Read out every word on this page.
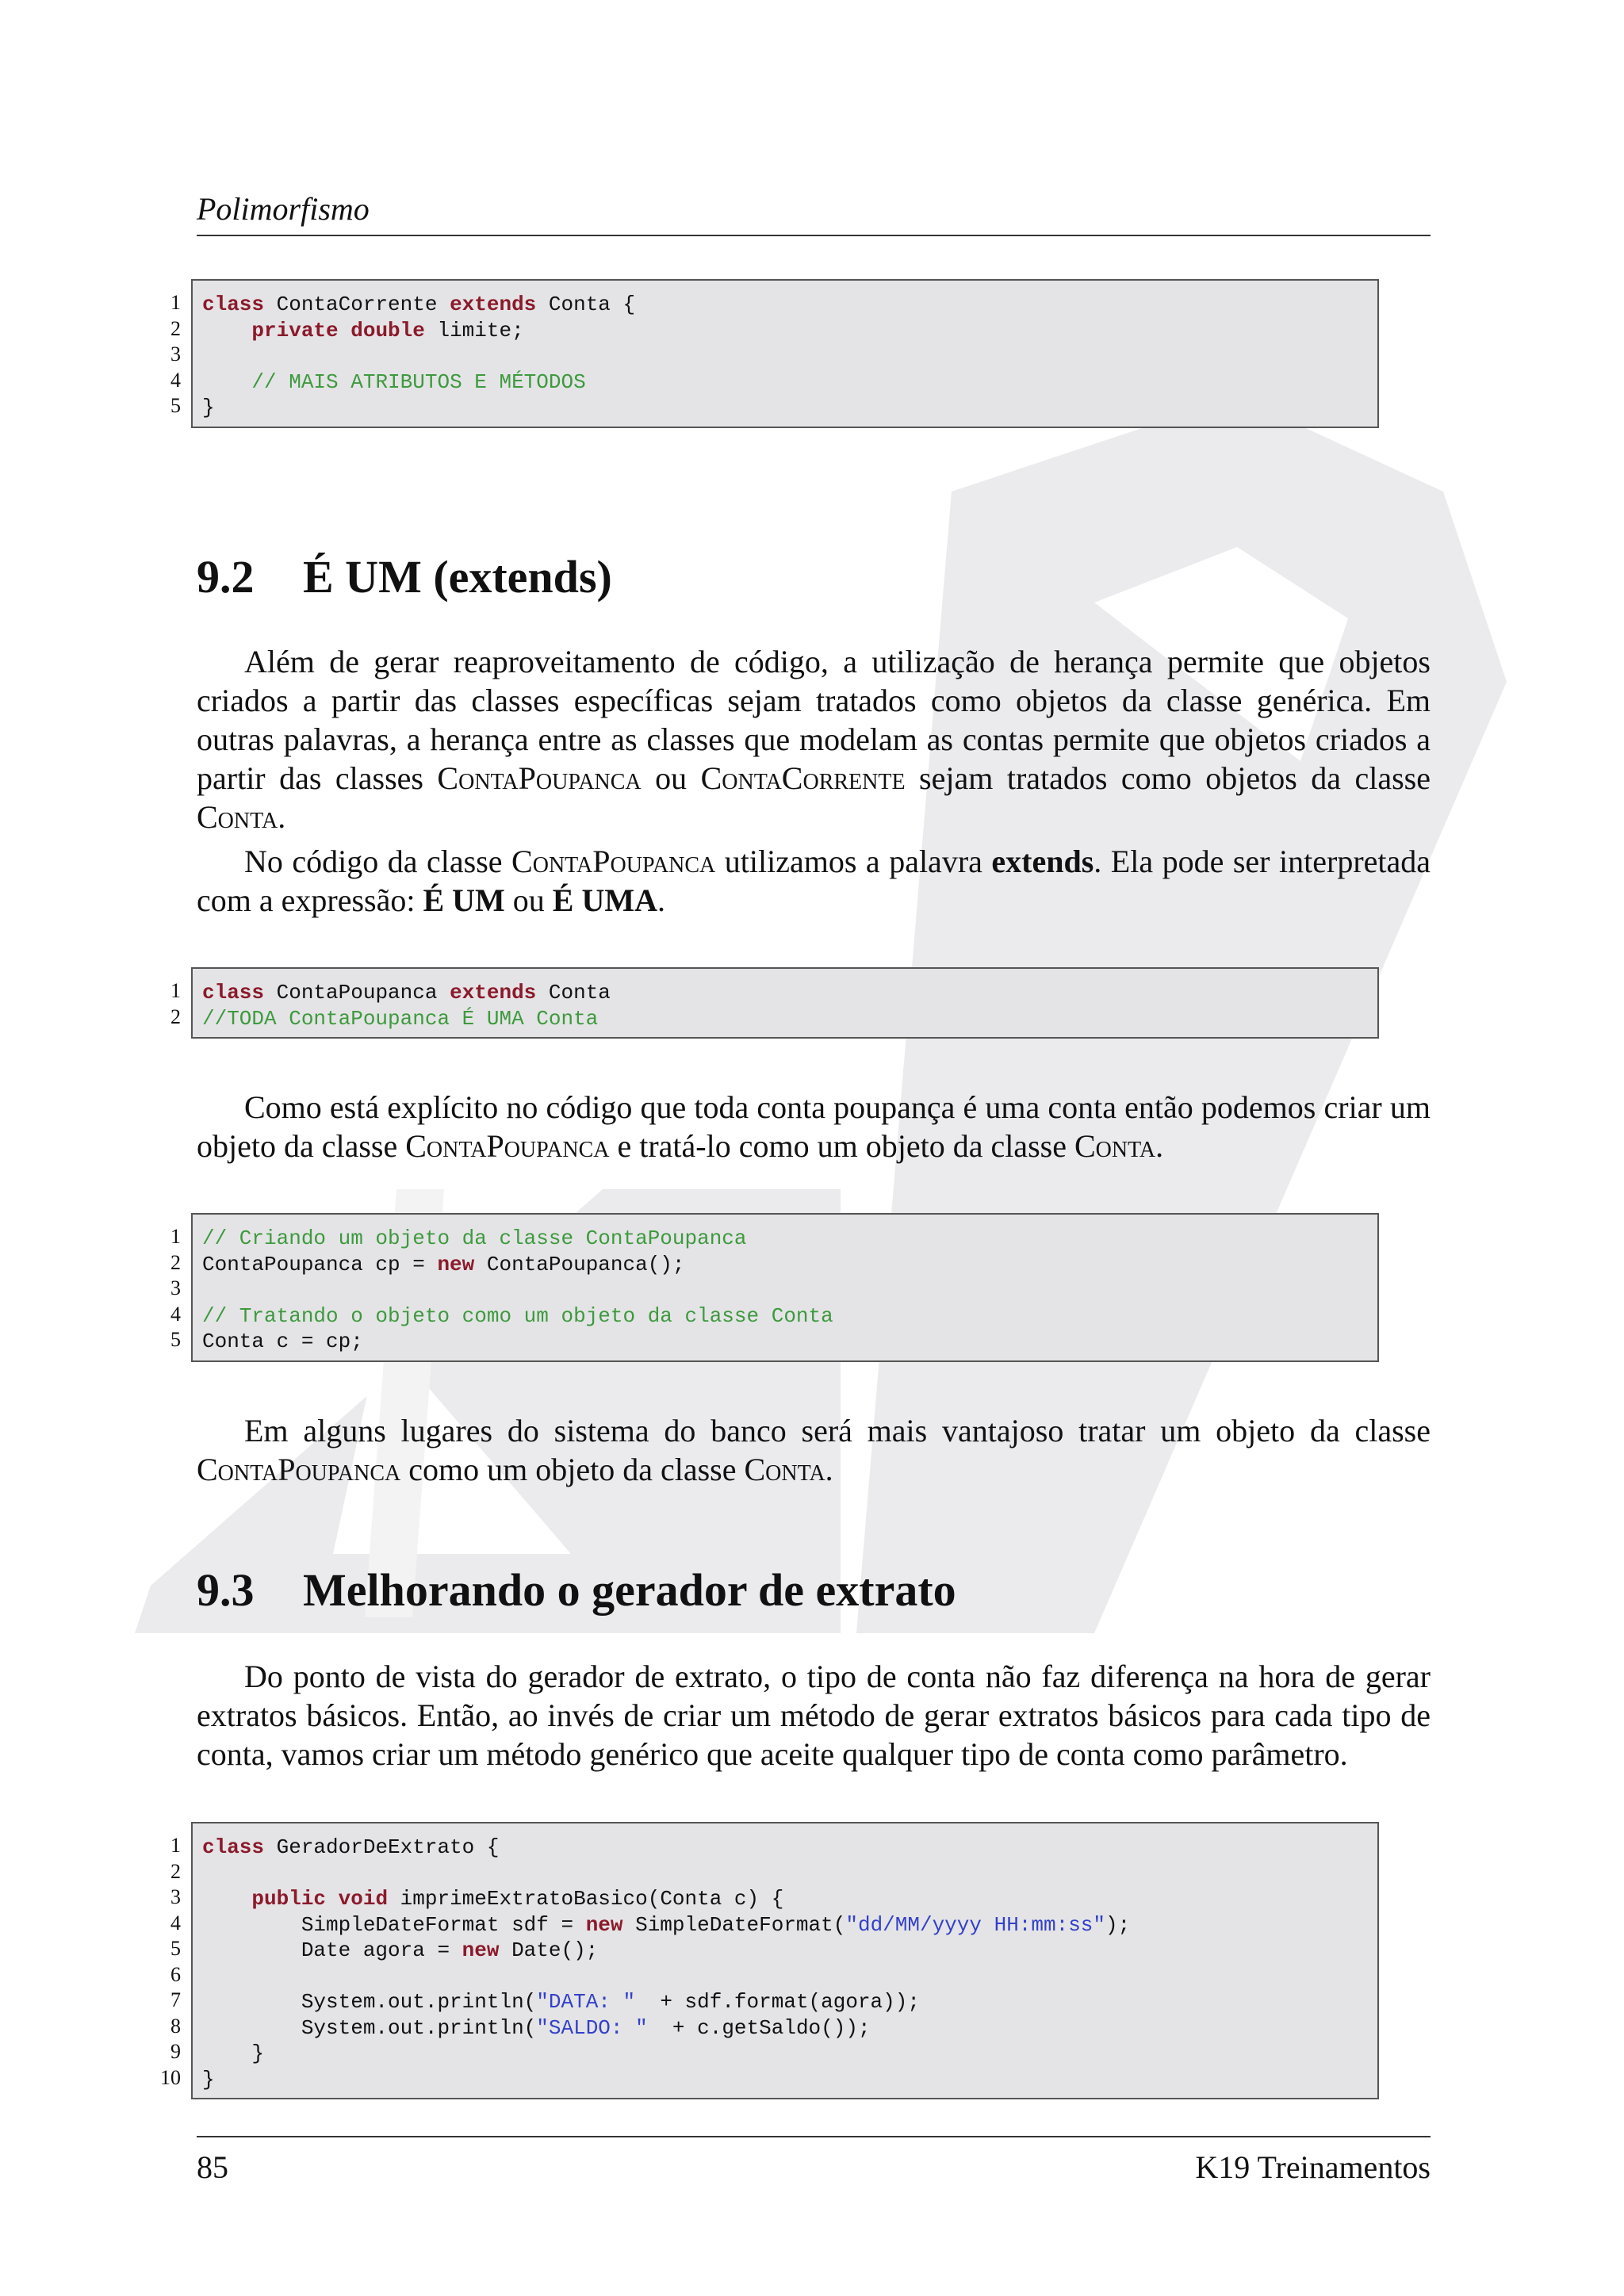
Polimorfismo
1
2
3
4
5
class ContaCorrente extends Conta {
private double limite;

// MAIS ATRIBUTOS E MÉTODOS
}
9.2 É UM (extends)

Além de gerar reaproveitamento de código, a utilização de herança permite que objetos criados a partir das classes específicas sejam tratados como objetos da classe genérica. Em outras palavras, a herança entre as classes que modelam as contas permite que objetos criados a partir das classes ContaPoupanca ou ContaCorrente sejam tratados como objetos da classe Conta.

No código da classe ContaPoupanca utilizamos a palavra extends. Ela pode ser interpretada com a expressão: É UM ou É UMA.

1
2
class ContaPoupanca extends Conta
//TODA ContaPoupanca É UMA Conta

Como está explícito no código que toda conta poupança é uma conta então podemos criar um objeto da classe ContaPoupanca e tratá-lo como um objeto da classe Conta.

1
2
3
4
5
// Criando um objeto da classe ContaPoupanca
ContaPoupanca cp = new ContaPoupanca();

// Tratando o objeto como um objeto da classe Conta
Conta c = cp;

Em alguns lugares do sistema do banco será mais vantajoso tratar um objeto da classe ContaPoupanca como um objeto da classe Conta.

9.3 Melhorando o gerador de extrato

Do ponto de vista do gerador de extrato, o tipo de conta não faz diferença na hora de gerar extratos básicos. Então, ao invés de criar um método de gerar extratos básicos para cada tipo de conta, vamos criar um método genérico que aceite qualquer tipo de conta como parâmetro.

1
2
3
4
5
6
7
8
9
10
class GeradorDeExtrato {

public void imprimeExtratoBasico(Conta c) {
SimpleDateFormat sdf = new SimpleDateFormat("dd/MM/yyyy HH:mm:ss");
Date agora = new Date();

System.out.println("DATA: "  + sdf.format(agora));
System.out.println("SALDO: "  + c.getSaldo());
}
}
85	K19 Treinamentos
